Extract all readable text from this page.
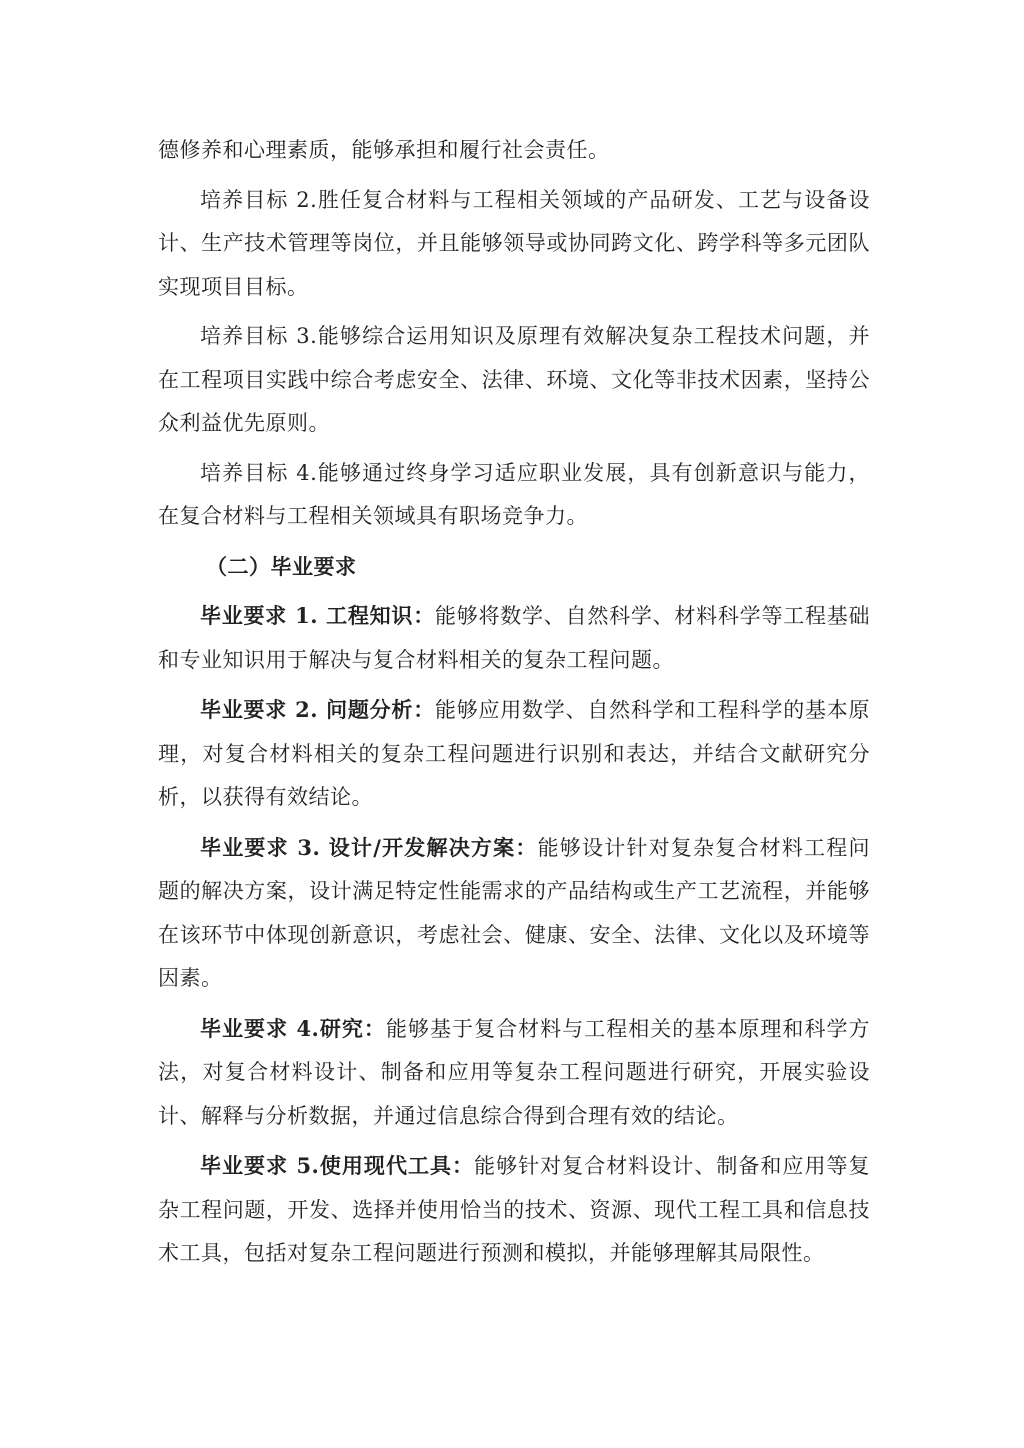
德修养和心理素质，能够承担和履行社会责任。

培养目标 2.胜任复合材料与工程相关领域的产品研发、工艺与设备设计、生产技术管理等岗位，并且能够领导或协同跨文化、跨学科等多元团队实现项目目标。

培养目标 3.能够综合运用知识及原理有效解决复杂工程技术问题，并在工程项目实践中综合考虑安全、法律、环境、文化等非技术因素，坚持公众利益优先原则。

培养目标 4.能够通过终身学习适应职业发展，具有创新意识与能力，在复合材料与工程相关领域具有职场竞争力。

（二）毕业要求

毕业要求 1. 工程知识：能够将数学、自然科学、材料科学等工程基础和专业知识用于解决与复合材料相关的复杂工程问题。

毕业要求 2. 问题分析：能够应用数学、自然科学和工程科学的基本原理，对复合材料相关的复杂工程问题进行识别和表达，并结合文献研究分析，以获得有效结论。

毕业要求 3. 设计/开发解决方案：能够设计针对复杂复合材料工程问题的解决方案，设计满足特定性能需求的产品结构或生产工艺流程，并能够在该环节中体现创新意识，考虑社会、健康、安全、法律、文化以及环境等因素。

毕业要求 4.研究：能够基于复合材料与工程相关的基本原理和科学方法，对复合材料设计、制备和应用等复杂工程问题进行研究，开展实验设计、解释与分析数据，并通过信息综合得到合理有效的结论。

毕业要求 5.使用现代工具：能够针对复合材料设计、制备和应用等复杂工程问题，开发、选择并使用恰当的技术、资源、现代工程工具和信息技术工具，包括对复杂工程问题进行预测和模拟，并能够理解其局限性。
